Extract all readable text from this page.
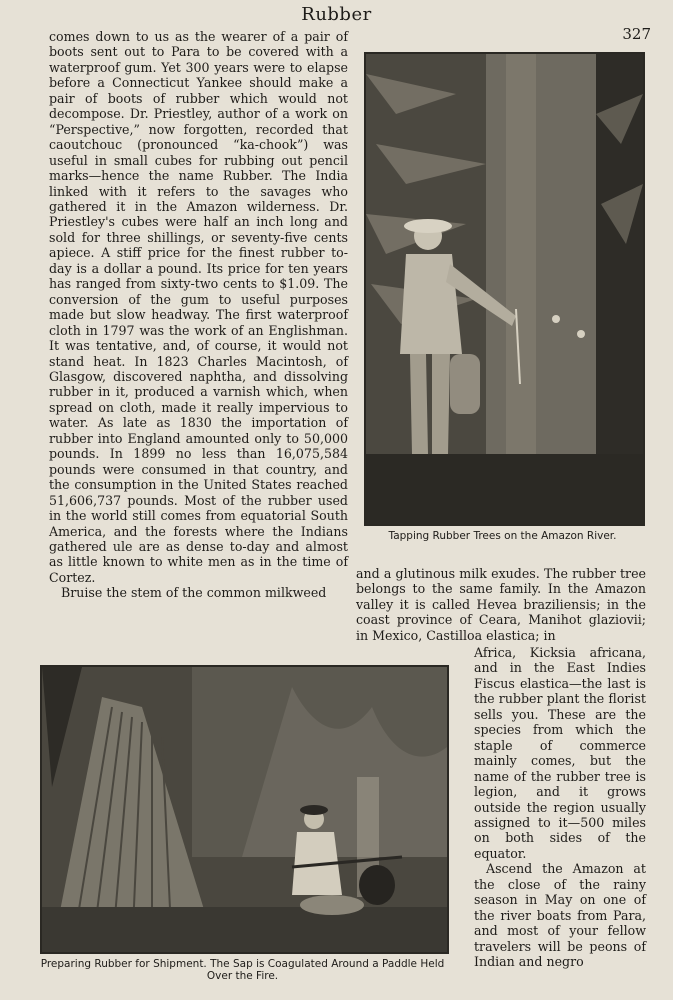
Rubber
327

comes down to us as the wearer of a pair of boots sent out to Para to be covered with a waterproof gum. Yet 300 years were to elapse before a Connecticut Yankee should make a pair of boots of rubber which would not decompose. Dr. Priestley, author of a work on “Perspective,” now forgotten, recorded that caoutchouc (pronounced “ka-chook”) was useful in small cubes for rubbing out pencil marks—hence the name Rubber. The India linked with it refers to the savages who gathered it in the Amazon wilderness. Dr. Priestley's cubes were half an inch long and sold for three shillings, or seventy-five cents apiece. A stiff price for the finest rubber to-day is a dollar a pound. Its price for ten years has ranged from sixty-two cents to $1.09. The conversion of the gum to useful purposes made but slow headway. The first waterproof cloth in 1797 was the work of an Englishman. It was tentative, and, of course, it would not stand heat. In 1823 Charles Macintosh, of Glasgow, discovered naphtha, and dissolving rubber in it, produced a varnish which, when spread on cloth, made it really impervious to water. As late as 1830 the importation of rubber into England amounted only to 50,000 pounds. In 1899 no less than 16,075,584 pounds were consumed in that country, and the consumption in the United States reached 51,606,737 pounds. Most of the rubber used in the world still comes from equatorial South America, and the forests where the Indians gathered ule are as dense to-day and almost as little known to white men as in the time of Cortez.

Bruise the stem of the common milkweed

Tapping Rubber Trees on the Amazon River.

and a glutinous milk exudes. The rubber tree belongs to the same family. In the Amazon valley it is called Hevea braziliensis; in the coast province of Ceara, Manihot glaziovii; in Mexico, Castilloa elastica; in

Preparing Rubber for Shipment. The Sap is Coagulated Around a Paddle Held Over the Fire.

Africa, Kicksia africana, and in the East Indies Fiscus elastica—the last is the rubber plant the florist sells you. These are the species from which the staple of commerce mainly comes, but the name of the rubber tree is legion, and it grows outside the region usually assigned to it—500 miles on both sides of the equator.

Ascend the Amazon at the close of the rainy season in May on one of the river boats from Para, and most of your fellow travelers will be peons of Indian and negro
